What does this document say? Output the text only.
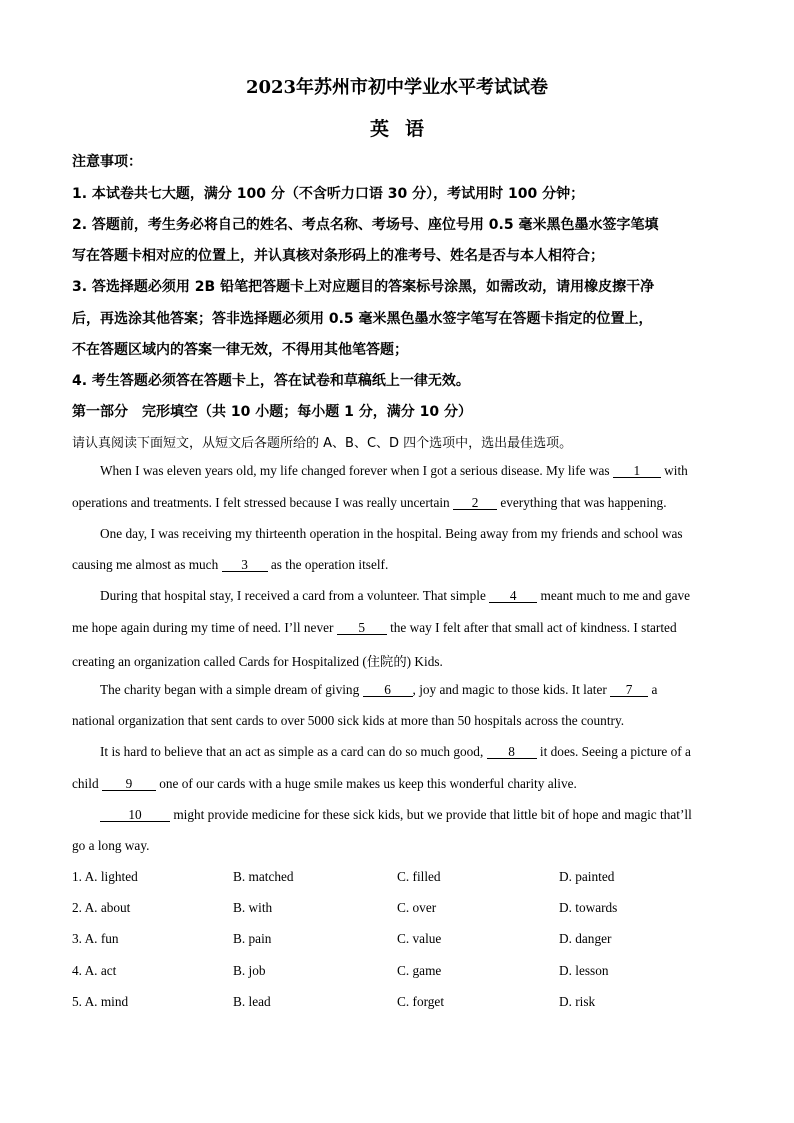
2023年苏州市初中学业水平考试试卷
英语
注意事项：
1. 本试卷共七大题，满分 100 分（不含听力口语 30 分），考试用时 100 分钟；
2. 答题前，考生务必将自己的姓名、考点名称、考场号、座位号用 0.5 毫米黑色墨水签字笔填
写在答题卡相对应的位置上，并认真核对条形码上的准考号、姓名是否与本人相符合；
3. 答选择题必须用 2B 铅笔把答题卡上对应题目的答案标号涂黑，如需改动，请用橡皮擦干净
后，再选涂其他答案；答非选择题必须用 0.5 毫米黑色墨水签字笔写在答题卡指定的位置上，
不在答题区域内的答案一律无效，不得用其他笔答题；
4. 考生答题必须答在答题卡上，答在试卷和草稿纸上一律无效。
第一部分　完形填空（共 10 小题；每小题 1 分，满分 10 分）
请认真阅读下面短文，从短文后各题所给的 A、B、C、D 四个选项中，选出最佳选项。
When I was eleven years old, my life changed forever when I got a serious disease. My life was 1 with
operations and treatments. I felt stressed because I was really uncertain 2 everything that was happening.
One day, I was receiving my thirteenth operation in the hospital. Being away from my friends and school was
causing me almost as much 3 as the operation itself.
During that hospital stay, I received a card from a volunteer. That simple 4 meant much to me and gave
me hope again during my time of need. I’ll never 5 the way I felt after that small act of kindness. I started
creating an organization called Cards for Hospitalized (住院的) Kids.
The charity began with a simple dream of giving 6 , joy and magic to those kids. It later 7 a
national organization that sent cards to over 5000 sick kids at more than 50 hospitals across the country.
It is hard to believe that an act as simple as a card can do so much good, 8 it does. Seeing a picture of a
child 9 one of our cards with a huge smile makes us keep this wonderful charity alive.
10 might provide medicine for these sick kids, but we provide that little bit of hope and magic that’ll
go a long way.
1. A. lighted	B. matched	C. filled	D. painted
2. A. about	B. with	C. over	D. towards
3. A. fun	B. pain	C. value	D. danger
4. A. act	B. job	C. game	D. lesson
5. A. mind	B. lead	C. forget	D. risk
